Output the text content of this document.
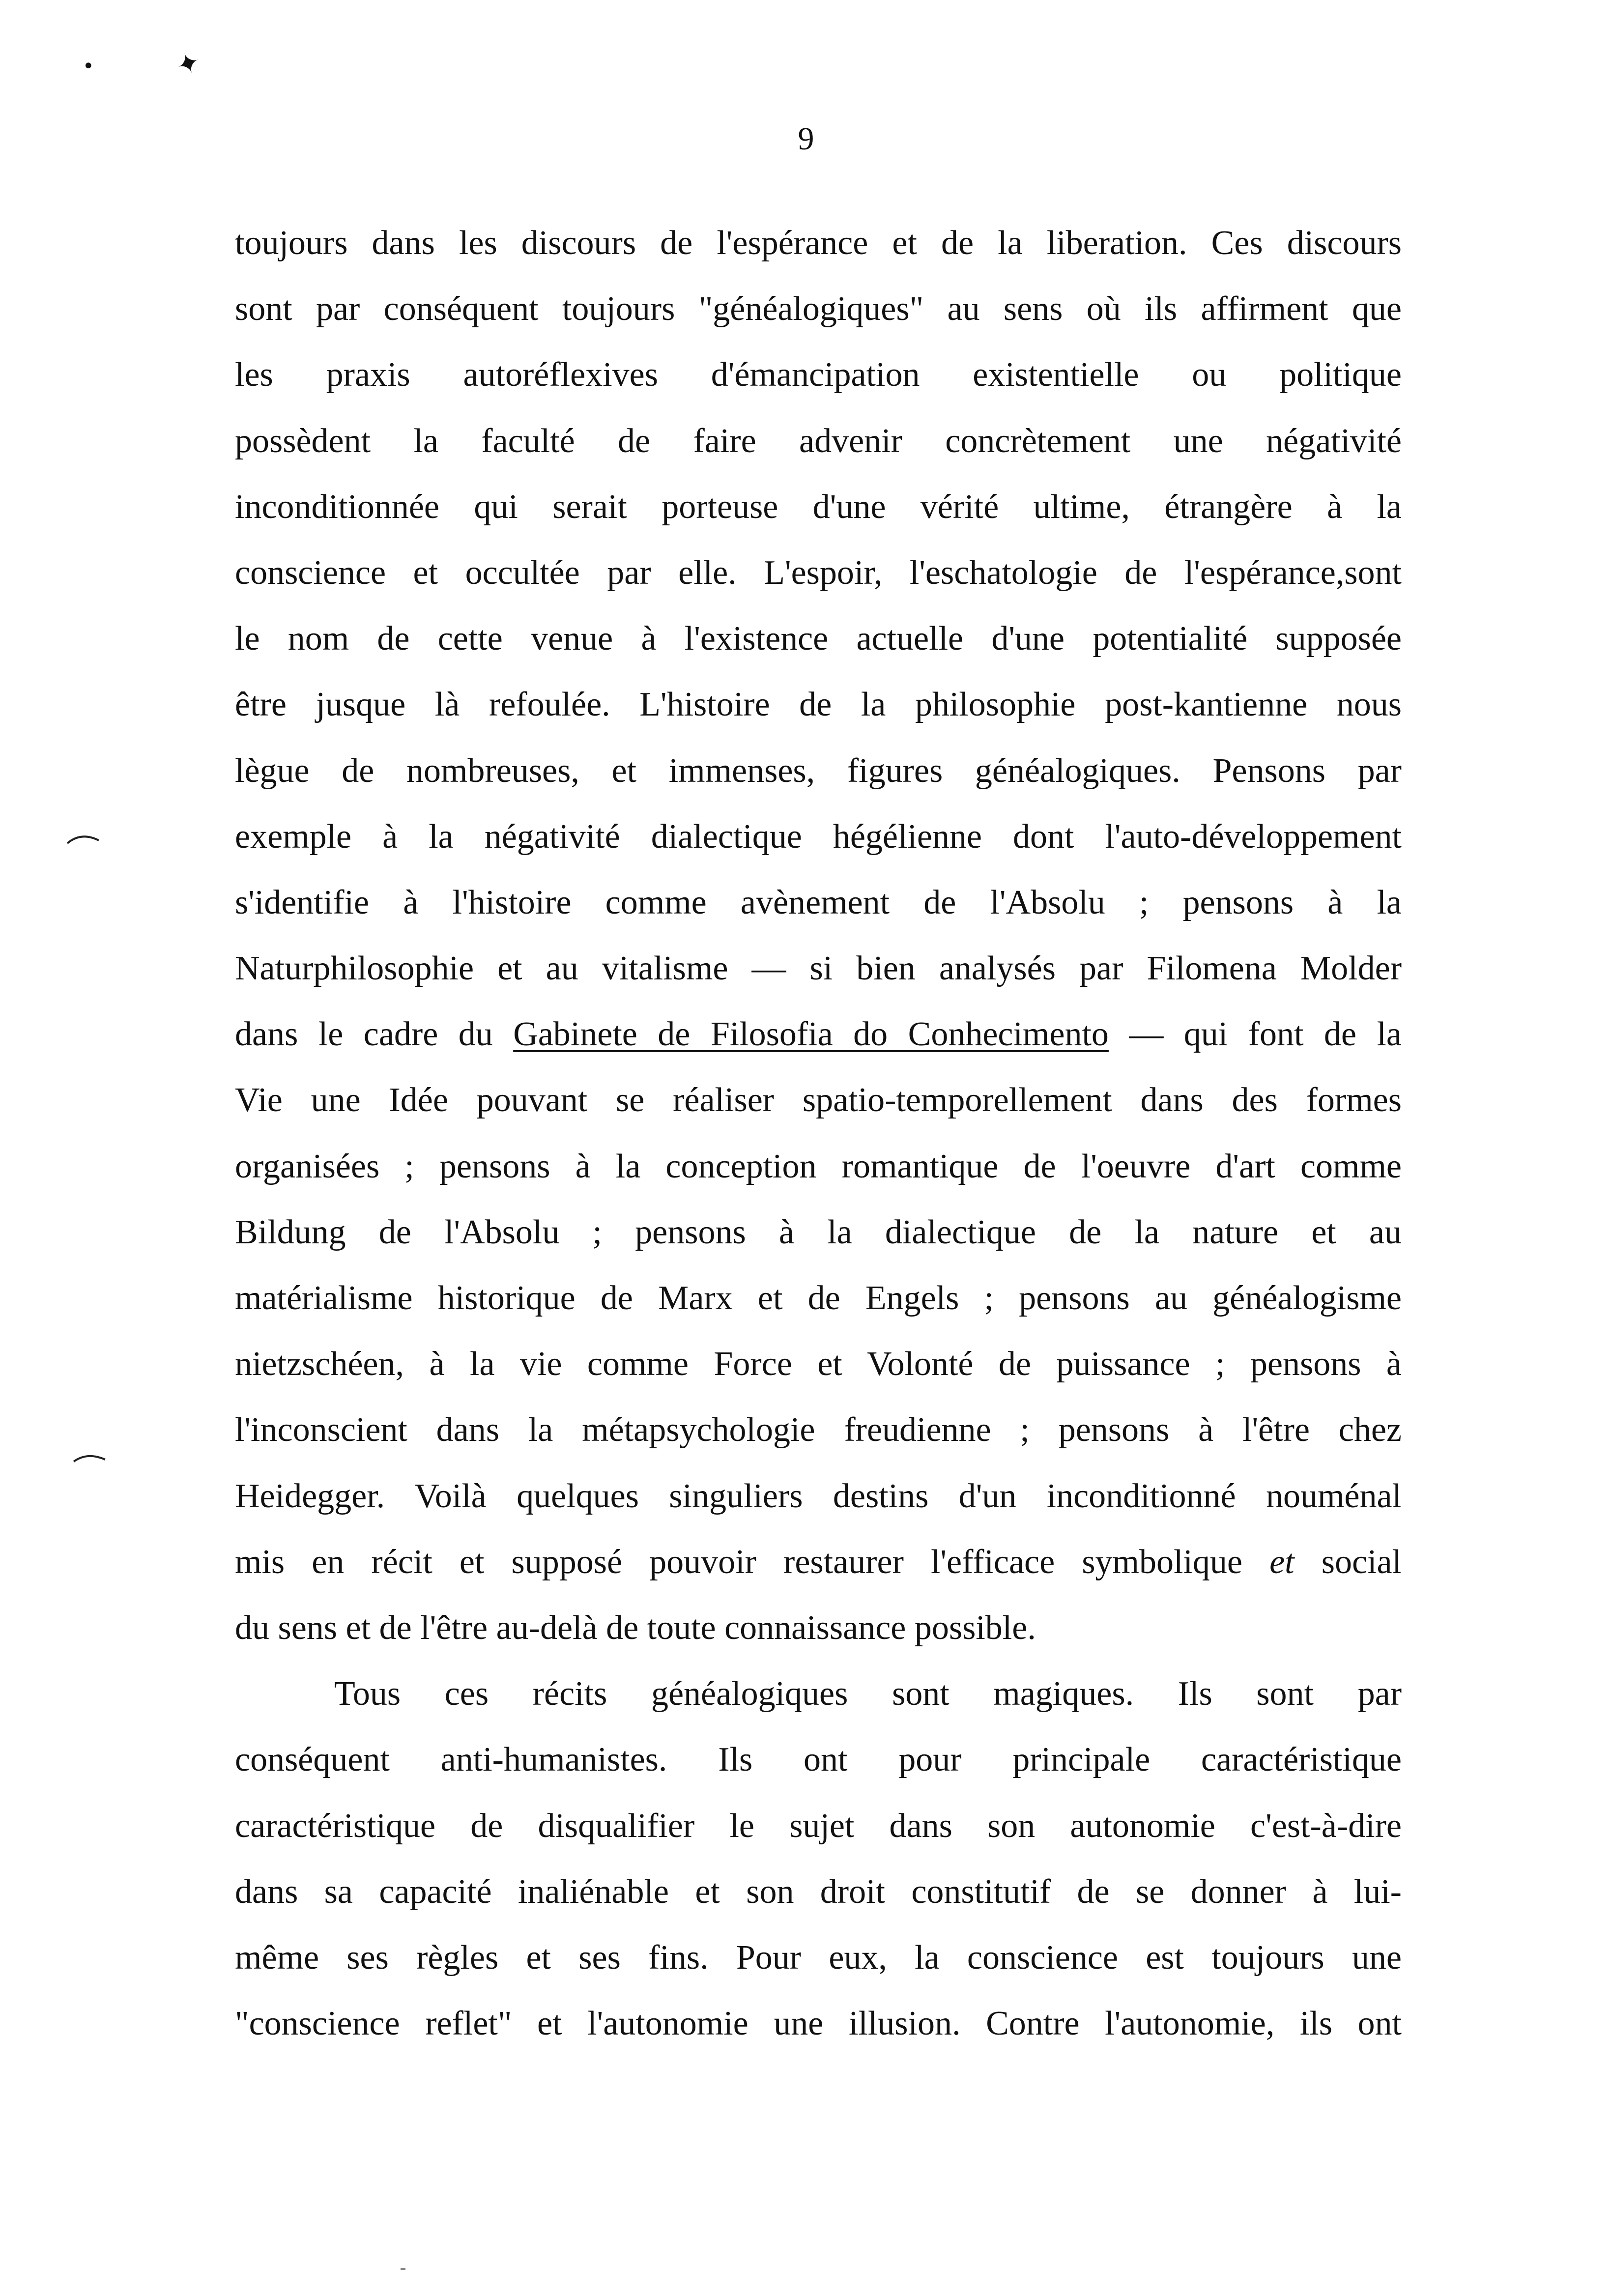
•	✦
9
toujours dans les discours de l'espérance et de la liberation. Ces discours
sont par conséquent toujours "généalogiques" au sens où ils affirment que
les praxis autoréflexives d'émancipation existentielle ou politique
possèdent la faculté de faire advenir concrètement une négativité
inconditionnée qui serait porteuse d'une vérité ultime, étrangère à la
conscience et occultée par elle. L'espoir, l'eschatologie de l'espérance,sont
le nom de cette venue à l'existence actuelle d'une potentialité supposée
être jusque là refoulée. L'histoire de la philosophie post-kantienne nous
lègue de nombreuses, et immenses, figures généalogiques. Pensons par
exemple à la négativité dialectique hégélienne dont l'auto-développement
s'identifie à l'histoire comme avènement de l'Absolu ; pensons à la
Naturphilosophie et au vitalisme — si bien analysés par Filomena Molder
dans le cadre du Gabinete de Filosofia do Conhecimento — qui font de la
Vie une Idée pouvant se réaliser spatio-temporellement dans des formes
organisées ; pensons à la conception romantique de l'oeuvre d'art comme
Bildung de l'Absolu ; pensons à la dialectique de la nature et au
matérialisme historique de Marx et de Engels ; pensons au généalogisme
nietzschéen, à la vie comme Force et Volonté de puissance ; pensons à
l'inconscient dans la métapsychologie freudienne ; pensons à l'être chez
Heidegger. Voilà quelques singuliers destins d'un inconditionné nouménal
mis en récit et supposé pouvoir restaurer l'efficace symbolique et social
du sens et de l'être au-delà de toute connaissance possible.
Tous ces récits généalogiques sont magiques. Ils sont par
conséquent anti-humanistes. Ils ont pour principale caractéristique
caractéristique de disqualifier le sujet dans son autonomie c'est-à-dire
dans sa capacité inaliénable et son droit constitutif de se donner à lui-
même ses règles et ses fins. Pour eux, la conscience est toujours une
"conscience reflet" et l'autonomie une illusion. Contre l'autonomie, ils ont
